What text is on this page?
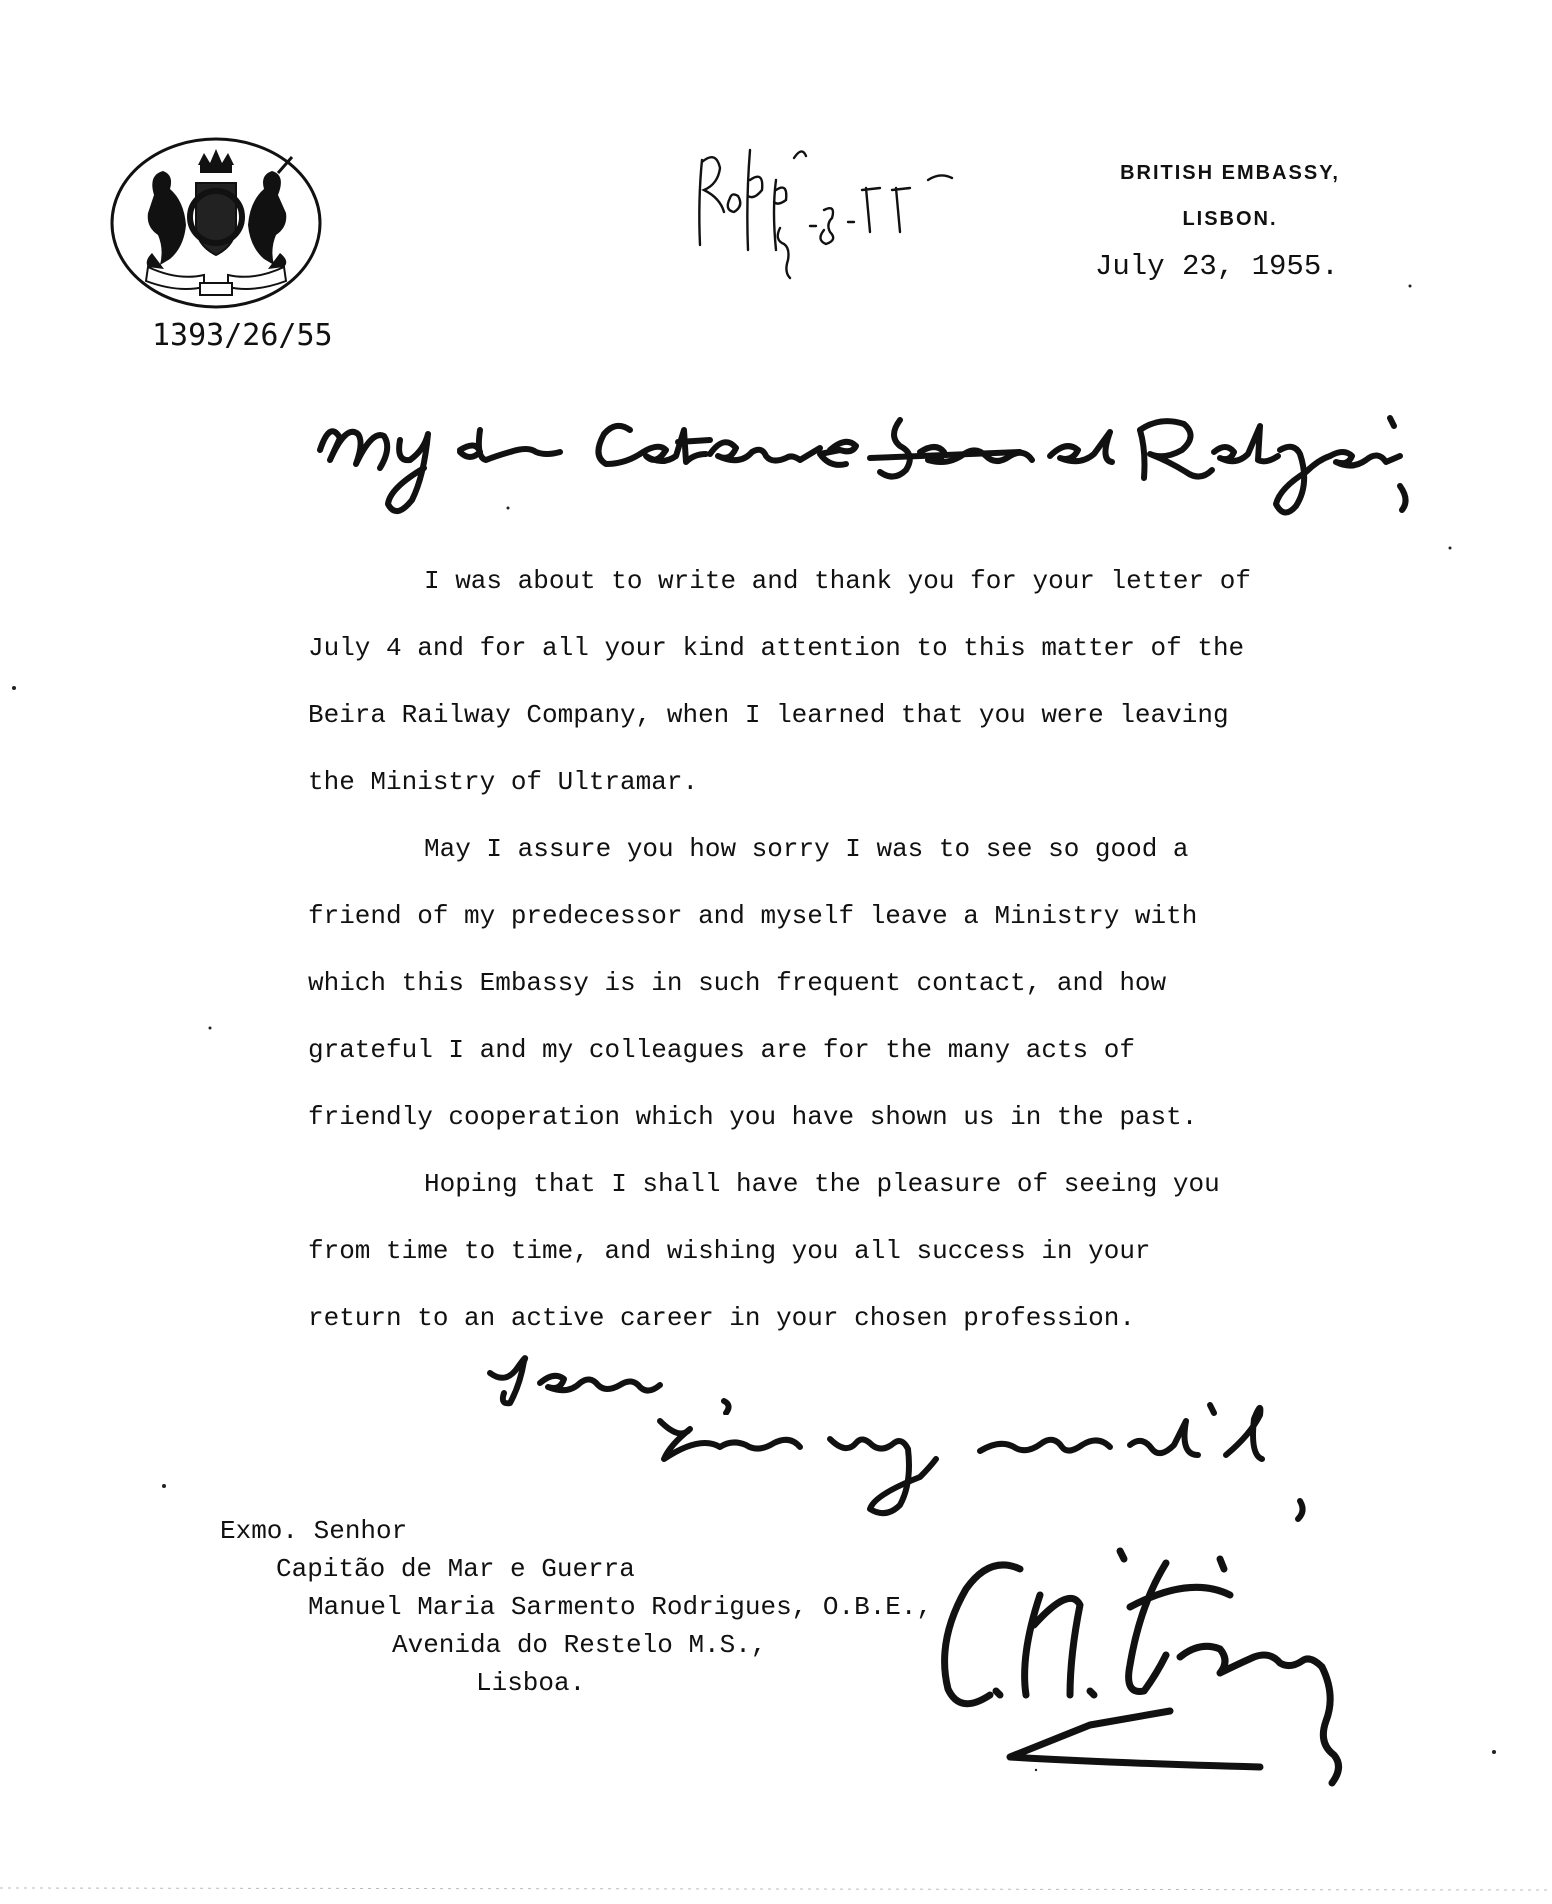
1393/26/55
BRITISH EMBASSY,
LISBON.
July 23, 1955.

I was about to write and thank you for your letter of
July 4 and for all your kind attention to this matter of the
Beira Railway Company, when I learned that you were leaving
the Ministry of Ultramar.

May I assure you how sorry I was to see so good a
friend of my predecessor and myself leave a Ministry with
which this Embassy is in such frequent contact, and how
grateful I and my colleagues are for the many acts of
friendly cooperation which you have shown us in the past.

Hoping that I shall have the pleasure of seeing you
from time to time, and wishing you all success in your
return to an active career in your chosen profession.

Exmo. Senhor
Capitão de Mar e Guerra
Manuel Maria Sarmento Rodrigues, O.B.E.,
Avenida do Restelo M.S.,
Lisboa.
